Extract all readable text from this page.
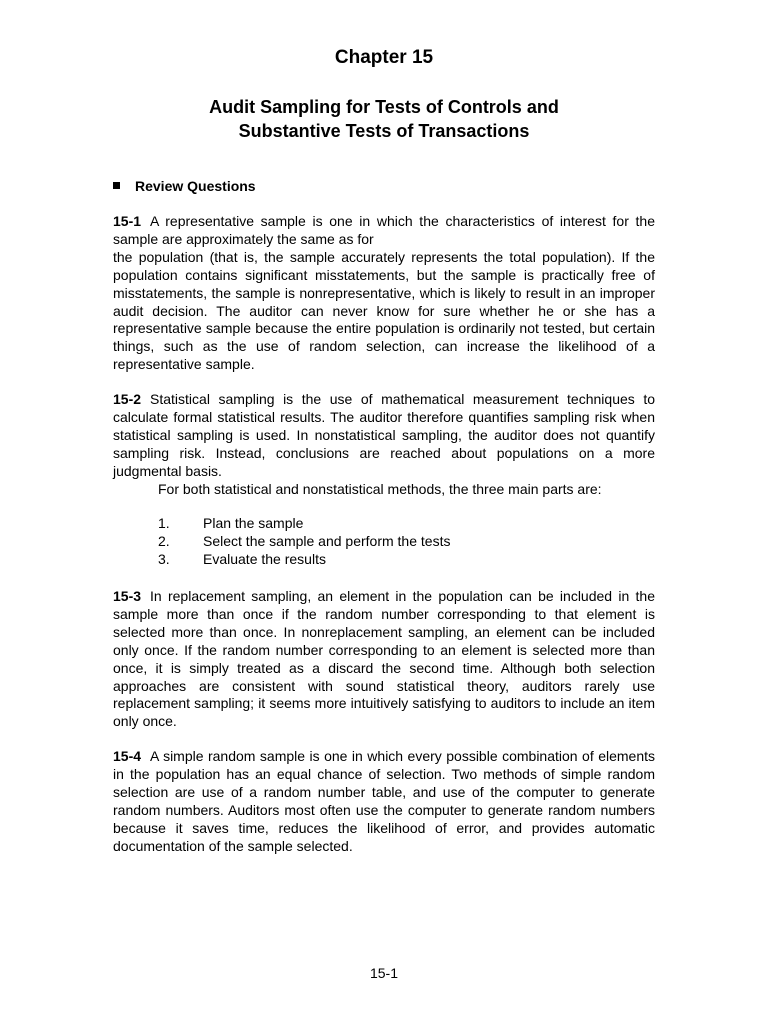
Chapter 15
Audit Sampling for Tests of Controls and
Substantive Tests of Transactions
Review Questions

15-1 A representative sample is one in which the characteristics of interest for the sample are approximately the same as for
the population (that is, the sample accurately represents the total population). If the population contains significant misstatements, but the sample is practically free of misstatements, the sample is nonrepresentative, which is likely to result in an improper audit decision. The auditor can never know for sure whether he or she has a representative sample because the entire population is ordinarily not tested, but certain things, such as the use of random selection, can increase the likelihood of a representative sample.

15-2 Statistical sampling is the use of mathematical measurement techniques to calculate formal statistical results. The auditor therefore quantifies sampling risk when statistical sampling is used. In nonstatistical sampling, the auditor does not quantify sampling risk. Instead, conclusions are reached about populations on a more judgmental basis.

For both statistical and nonstatistical methods, the three main parts are:

1.	Plan the sample
2.	Select the sample and perform the tests
3.	Evaluate the results

15-3 In replacement sampling, an element in the population can be included in the sample more than once if the random number corresponding to that element is selected more than once. In nonreplacement sampling, an element can be included only once. If the random number corresponding to an element is selected more than once, it is simply treated as a discard the second time. Although both selection approaches are consistent with sound statistical theory, auditors rarely use replacement sampling; it seems more intuitively satisfying to auditors to include an item only once.

15-4 A simple random sample is one in which every possible combination of elements in the population has an equal chance of selection. Two methods of simple random selection are use of a random number table, and use of the computer to generate random numbers. Auditors most often use the computer to generate random numbers because it saves time, reduces the likelihood of error, and provides automatic documentation of the sample selected.

15-1
